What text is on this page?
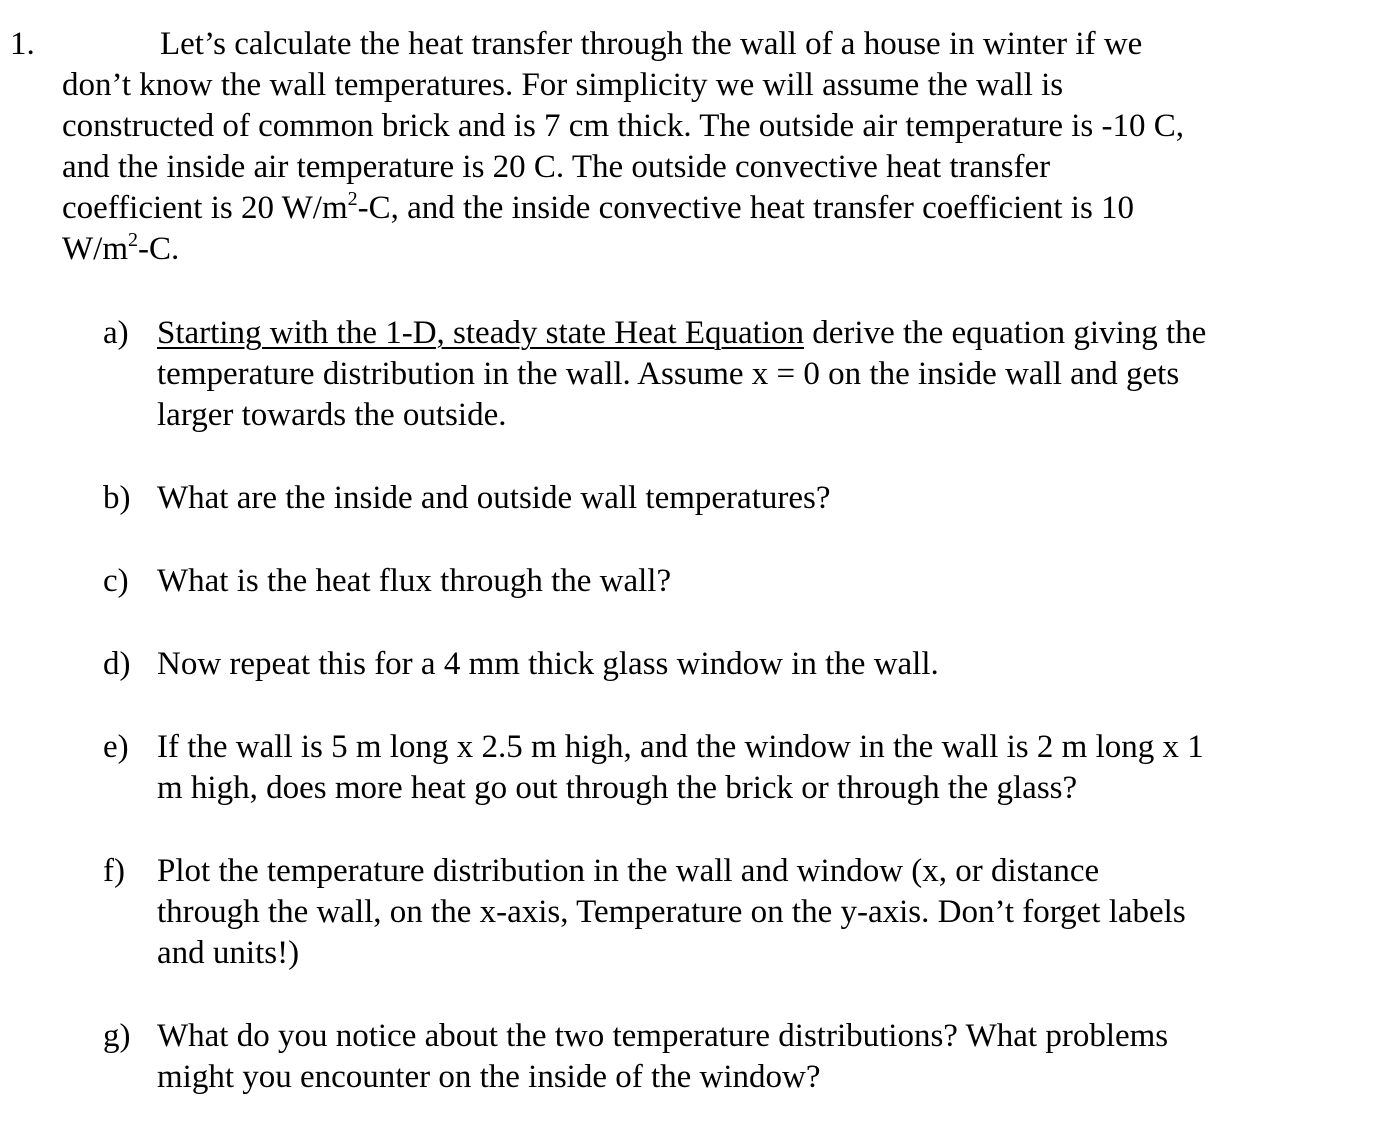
1.	Let’s calculate the heat transfer through the wall of a house in winter if we
don’t know the wall temperatures. For simplicity we will assume the wall is
constructed of common brick and is 7 cm thick. The outside air temperature is -10 C,
and the inside air temperature is 20 C. The outside convective heat transfer
coefficient is 20 $W/m^2-C$, and the inside convective heat transfer coefficient is 10
$W/m^2-C$.
a) Starting with the 1-D, steady state Heat Equation derive the equation giving the
temperature distribution in the wall. Assume x = 0 on the inside wall and gets
larger towards the outside.
b) What are the inside and outside wall temperatures?
c) What is the heat flux through the wall?
d) Now repeat this for a 4 mm thick glass window in the wall.
e) If the wall is 5 m long x 2.5 m high, and the window in the wall is 2 m long x 1
m high, does more heat go out through the brick or through the glass?
f) Plot the temperature distribution in the wall and window (x, or distance
through the wall, on the x-axis, Temperature on the y-axis. Don’t forget labels
and units!)
g) What do you notice about the two temperature distributions? What problems
might you encounter on the inside of the window?
